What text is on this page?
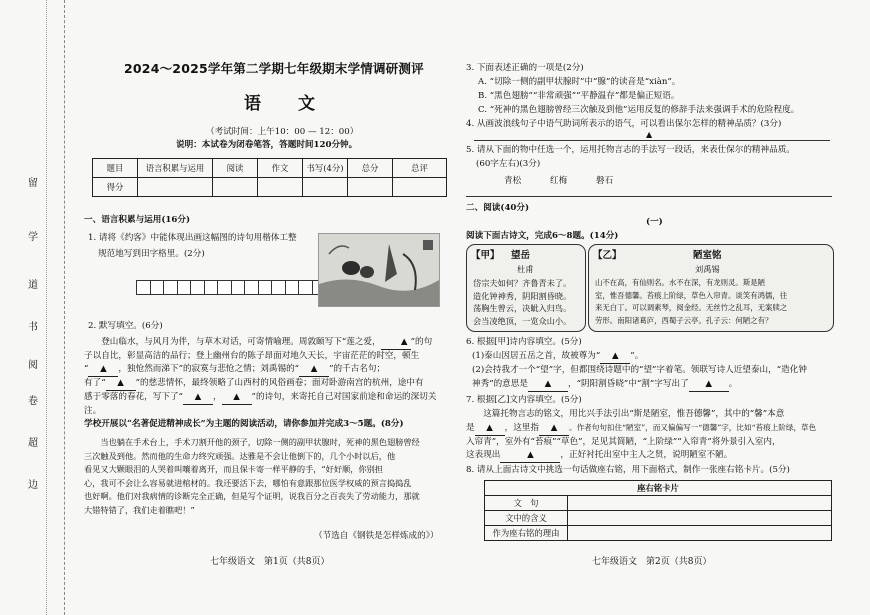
留
学
道
书
阅
卷
超
边
2024～2025学年第二学期七年级期末学情调研测评
语　文
（考试时间：上午10：00 — 12：00）
说明：本试卷为闭卷笔答，答题时间120分钟。
题目	语言积累与运用	阅读	作文	书写(4分)	总分	总评
得分						
一、语言积累与运用(16分)
1. 请将《约客》中能体现出画这幅图的诗句用楷体工整
规范地写到田字格里。(2分)
2. 默写填空。(6分)
登山临水，与风月为伴，与草木对话，可寄情喻理。周敦颐写下“莲之爱， ▲ ”的句
子以自比，彰显高洁的品行；登上幽州台的陈子昂面对地久天长，宇宙茫茫的时空，顿生
“ ▲ ，独怆然而涕下”的寂寞与悲怆之情；刘禹锡的“ ▲ ”的千古名句；
有了“ ▲ ”的慈悲情怀，最终领略了山西村的风俗画卷；面对卧游南宫的杭州，途中有
感于零落的春花，写下了“ ▲ ， ▲ ”的诗句，来寄托自己对国家前途和命运的深切关注。
学校开展以“名著促进精神成长”为主题的阅读活动，请你参加并完成3～5题。(8分)
　　当也躺在手术台上，手术刀割开他的颈子，切除一侧的副甲状腺时，死神的黑色翅膀曾经
三次触及到他。然而他的生命力终究顽强。达雅是不会让他倒下的，几个小时以后，他
看见又大颗眼泪的人哭着叫嚷着离开，而且保卡寄一样平静的手，“好好顺，你别担
心，我可不会让么容易就进棺材的。我还要活下去，哪怕有意跟那位医学权威的预言捣捣乱
也好啊。他们对我病情的诊断完全正确，但是写个证明，说我百分之百丧失了劳动能力，那就
大错特错了，我们走着瞧吧！”
（节选自《钢铁是怎样炼成的》）
七年级语文　第1页（共8页）
3. 下面表述正确的一项是(2分)
A. “切除一侧的副甲状腺时”中“腺”的读音是“xiàn”。
B. “黑色翅膀”“非常顽强”“平静温存”都是偏正短语。
C. “死神的黑色翅膀曾经三次触及到他”运用反复的修辞手法来强调手术的危险程度。
4. 从画波浪线句子中语气助词所表示的语气，可以看出保尔怎样的精神品质？(3分)
▲
5. 请从下面的物中任选一个，运用托物言志的手法写一段话，来表仕保尔的精神品质。
(60字左右)(3分)
青松	红梅	磐石
二、阅读(40分)
(一)
阅读下面古诗文，完成6～8题。(14分)
【甲】 望岳
杜甫
岱宗夫如何？齐鲁青未了。
造化钟神秀，阴阳割昏晓。
荡胸生曾云，决眦入归鸟。
会当凌绝顶，一览众山小。
【乙】	陋室铭
刘禹锡
山不在高，有仙则名。水不在深，有龙则灵。斯是陋
室，惟吾德馨。苔痕上阶绿，草色入帘青。谈笑有鸿儒，往
来无白丁。可以调素琴，阅金经。无丝竹之乱耳，无案牍之
劳形。南阳诸葛庐，西蜀子云亭。孔子云：何陋之有？
6. 根据[甲]诗内容填空。(5分)
(1)泰山因居五岳之首，故被尊为“ ▲ ”。
(2)会持我才一个“望”字，但都围绕诗题中的“望”字着笔。领联写诗人近望泰山，“造化钟
神秀”的意思是 ▲ ，“阴阳割昏晓”中“割”字写出了 ▲ 。
7. 根据[乙]文内容填空。(5分)
这篇托物言志的铭文，用比兴手法引出“斯是陋室，惟吾德馨”，其中的“馨”本意
是 ▲ ，这里指 ▲ 。作者句句扣住“陋室”，而又偏偏写一“德馨”字，比如“苔痕上阶绿，草色
入帘青”，室外有“苔痕”“草色”，足见其简陋，“上阶绿”“入帘青”将外景引入室内，
这表现出	▲	，正好衬托出室中主人之贤，说明陋室不陋。
8. 请从上面古诗文中挑选一句话做座右铭，用下面格式，制作一张座右铭卡片。(5分)
座右铭卡片	
文　句	
文中的含义	
作为座右铭的理由	
七年级语文　第2页（共8页）
